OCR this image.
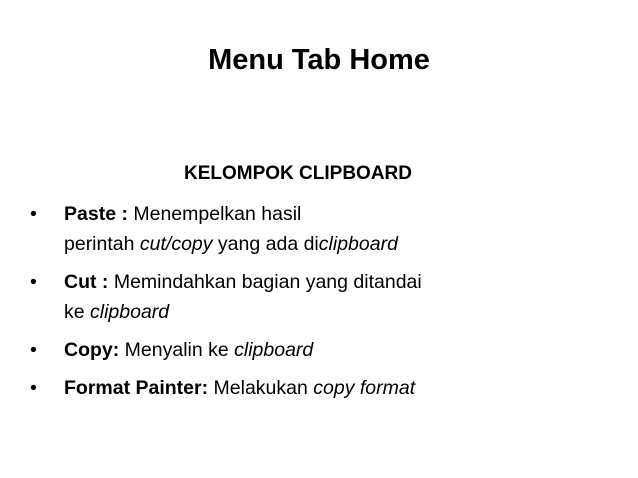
Menu Tab Home
KELOMPOK CLIPBOARD
•	Paste : Menempelkan hasil
perintah cut/copy yang ada diclipboard
•	Cut : Memindahkan bagian yang ditandai
ke clipboard
•	Copy: Menyalin ke clipboard
•	Format Painter: Melakukan copy format
